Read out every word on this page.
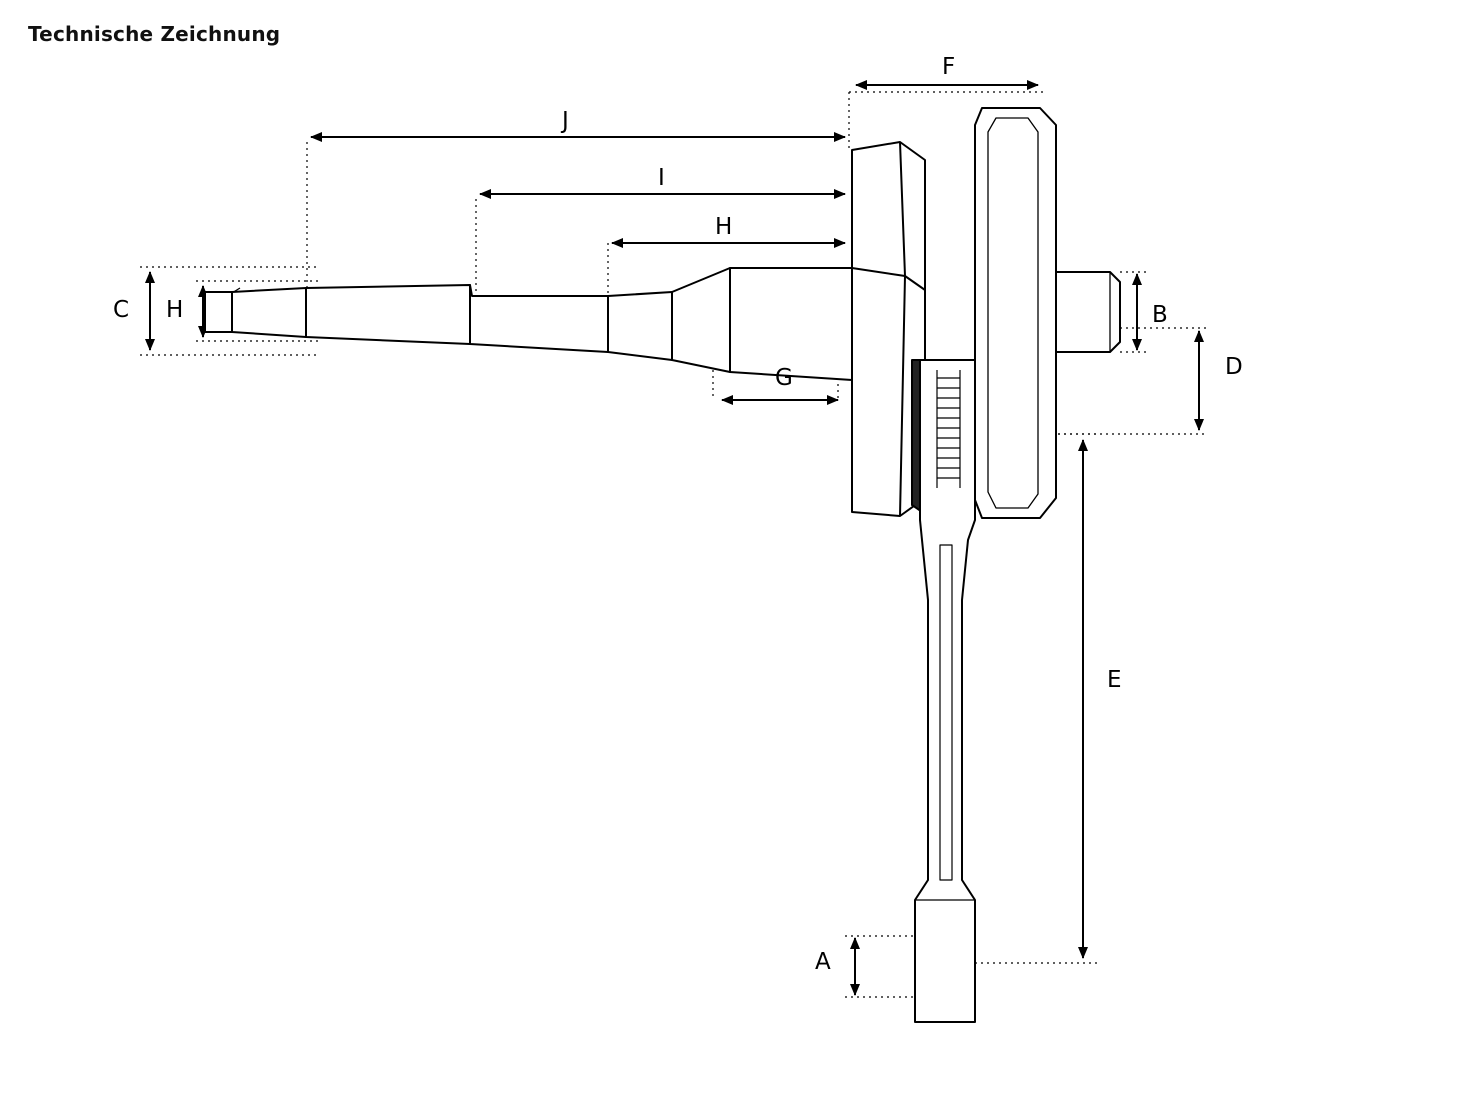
Technische Zeichnung
J
I
H
G
F
C H	B
D
E
A
